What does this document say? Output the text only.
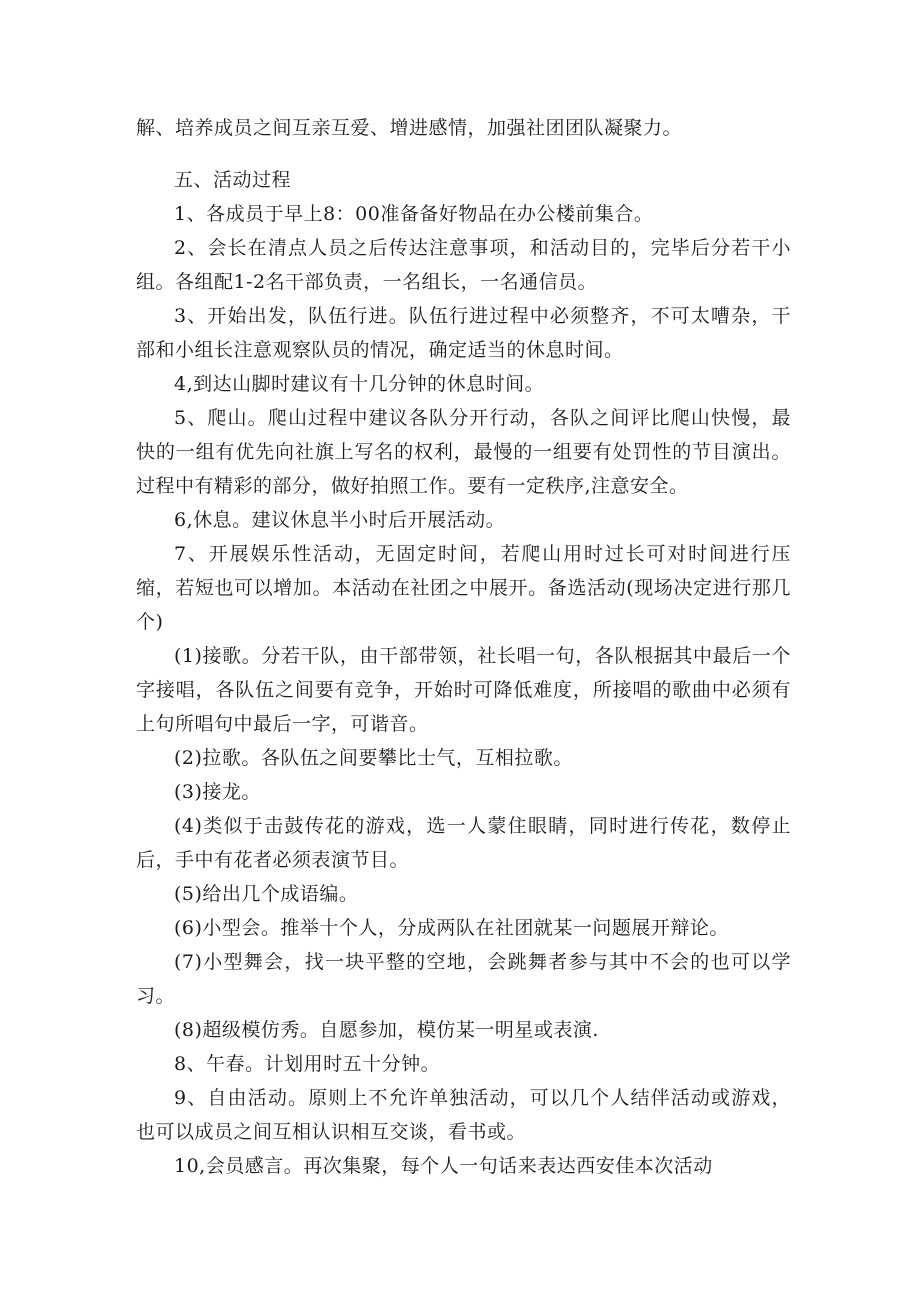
解、培养成员之间互亲互爱、增进感情，加强社团团队凝聚力。

五、活动过程

1、各成员于早上8：00准备备好物品在办公楼前集合。

2、会长在清点人员之后传达注意事项，和活动目的，完毕后分若干小组。各组配1-2名干部负责，一名组长，一名通信员。

3、开始出发，队伍行进。队伍行进过程中必须整齐，不可太嘈杂，干部和小组长注意观察队员的情况，确定适当的休息时间。

4,到达山脚时建议有十几分钟的休息时间。

5、爬山。爬山过程中建议各队分开行动，各队之间评比爬山快慢，最快的一组有优先向社旗上写名的权利，最慢的一组要有处罚性的节目演出。过程中有精彩的部分，做好拍照工作。要有一定秩序,注意安全。

6,休息。建议休息半小时后开展活动。

7、开展娱乐性活动，无固定时间，若爬山用时过长可对时间进行压缩，若短也可以增加。本活动在社团之中展开。备选活动(现场决定进行那几个)

(1)接歌。分若干队，由干部带领，社长唱一句，各队根据其中最后一个字接唱，各队伍之间要有竞争，开始时可降低难度，所接唱的歌曲中必须有上句所唱句中最后一字，可谐音。

(2)拉歌。各队伍之间要攀比士气，互相拉歌。

(3)接龙。

(4)类似于击鼓传花的游戏，选一人蒙住眼睛，同时进行传花，数停止后，手中有花者必须表演节目。

(5)给出几个成语编。

(6)小型会。推举十个人，分成两队在社团就某一问题展开辩论。

(7)小型舞会，找一块平整的空地，会跳舞者参与其中不会的也可以学习。

(8)超级模仿秀。自愿参加，模仿某一明星或表演.

8、午春。计划用时五十分钟。

9、自由活动。原则上不允许单独活动，可以几个人结伴活动或游戏，也可以成员之间互相认识相互交谈，看书或。

10,会员感言。再次集聚，每个人一句话来表达西安佳本次活动
